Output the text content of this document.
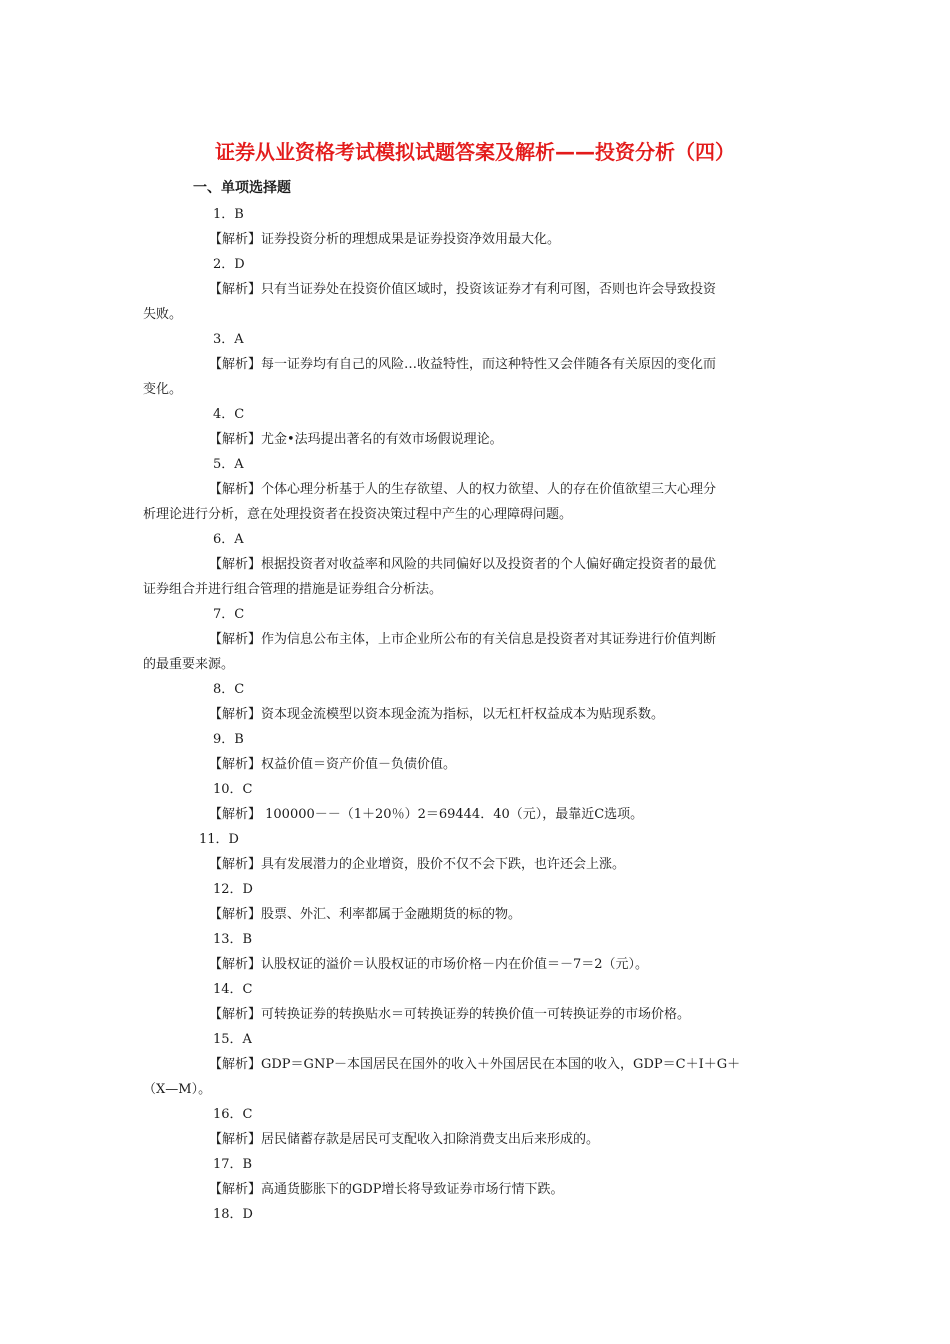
证券从业资格考试模拟试题答案及解析——投资分析（四）
一、单项选择题
1．B
【解析】证券投资分析的理想成果是证券投资净效用最大化。
2．D
【解析】只有当证券处在投资价值区域时，投资该证券才有利可图，否则也许会导致投资
失败。
3．A
【解析】每一证券均有自己的风险…收益特性，而这种特性又会伴随各有关原因的变化而
变化。
4．C
【解析】尤金•法玛提出著名的有效市场假说理论。
5．A
【解析】个体心理分析基于人的生存欲望、人的权力欲望、人的存在价值欲望三大心理分
析理论进行分析，意在处理投资者在投资决策过程中产生的心理障碍问题。
6．A
【解析】根据投资者对收益率和风险的共同偏好以及投资者的个人偏好确定投资者的最优
证券组合并进行组合管理的措施是证券组合分析法。
7．C
【解析】作为信息公布主体，上市企业所公布的有关信息是投资者对其证券进行价值判断
的最重要来源。
8．C
【解析】资本现金流模型以资本现金流为指标，以无杠杆权益成本为贴现系数。
9．B
【解析】权益价值＝资产价值－负债价值。
10．C
【解析】 100000－－（1＋20％）2＝69444．40（元），最靠近C选项。
11．D
【解析】具有发展潜力的企业增资，股价不仅不会下跌，也许还会上涨。
12．D
【解析】股票、外汇、利率都属于金融期货的标的物。
13．B
【解析】认股权证的溢价＝认股权证的市场价格－内在价值＝－7＝2（元）。
14．C
【解析】可转换证券的转换贴水＝可转换证券的转换价值一可转换证券的市场价格。
15．A
【解析】GDP＝GNP－本国居民在国外的收入＋外国居民在本国的收入，GDP＝C＋I＋G＋
（X—M）。
16．C
【解析】居民储蓄存款是居民可支配收入扣除消费支出后来形成的。
17．B
【解析】高通货膨胀下的GDP增长将导致证券市场行情下跌。
18．D
